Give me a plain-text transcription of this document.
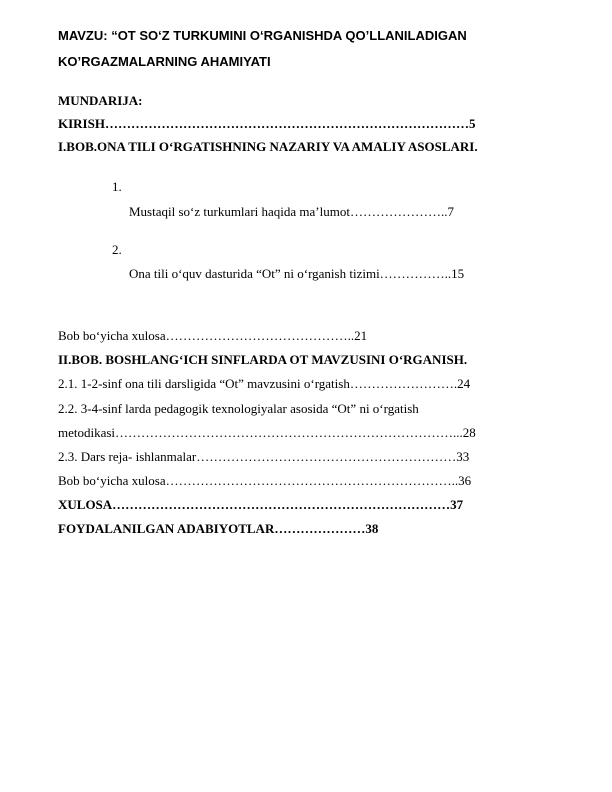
MAVZU: “OT SO‘Z TURKUMINI O‘RGANISHDA QO’LLANILADIGAN
KO’RGAZMALARNING AHAMIYATI
MUNDARIJA:
KIRISH…………………………………………………………………………5
I.BOB.ONA TILI O‘RGATISHNING NAZARIY VA AMALIY ASOSLARI.
1.
Mustaqil so‘z turkumlari haqida ma’lumot…………………..7
2.
Ona tili o‘quv dasturida “Ot” ni o‘rganish tizimi……………..15
Bob bo‘yicha xulosa……………………………………..21
II.BOB. BOSHLANG‘ICH SINFLARDA OT MAVZUSINI O‘RGANISH.
2.1. 1-2-sinf ona tili darsligida “Ot” mavzusini o‘rgatish…………………….24
2.2. 3-4-sinf larda pedagogik texnologiyalar asosida “Ot” ni o‘rgatish
metodikasi……………………………………………………………………...28
2.3. Dars reja- ishlanmalar……………………………………………………33
Bob bo‘yicha xulosa…………………………………………………………..36
XULOSA……………………………………………………………………37
FOYDALANILGAN ADABIYOTLAR…………………38
